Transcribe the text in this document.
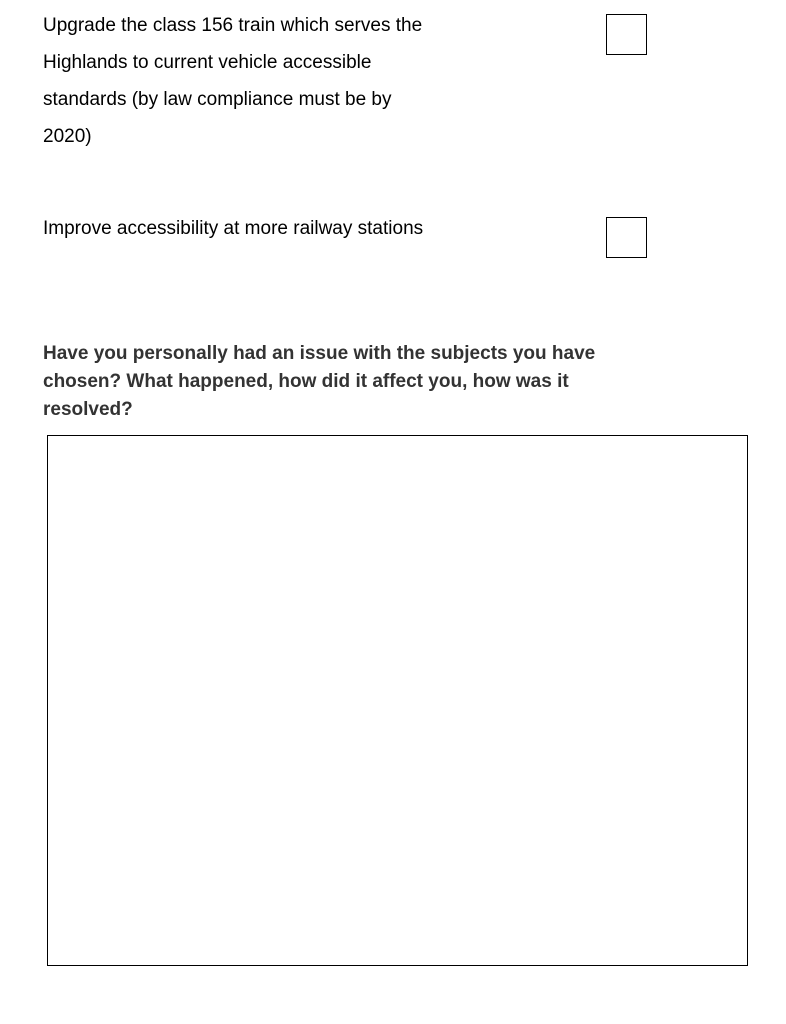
Upgrade the class 156 train which serves the
Highlands to current vehicle accessible
standards (by law compliance must be by
2020)
Improve accessibility at more railway stations
Have you personally had an issue with the subjects you have
chosen? What happened, how did it affect you, how was it
resolved?
